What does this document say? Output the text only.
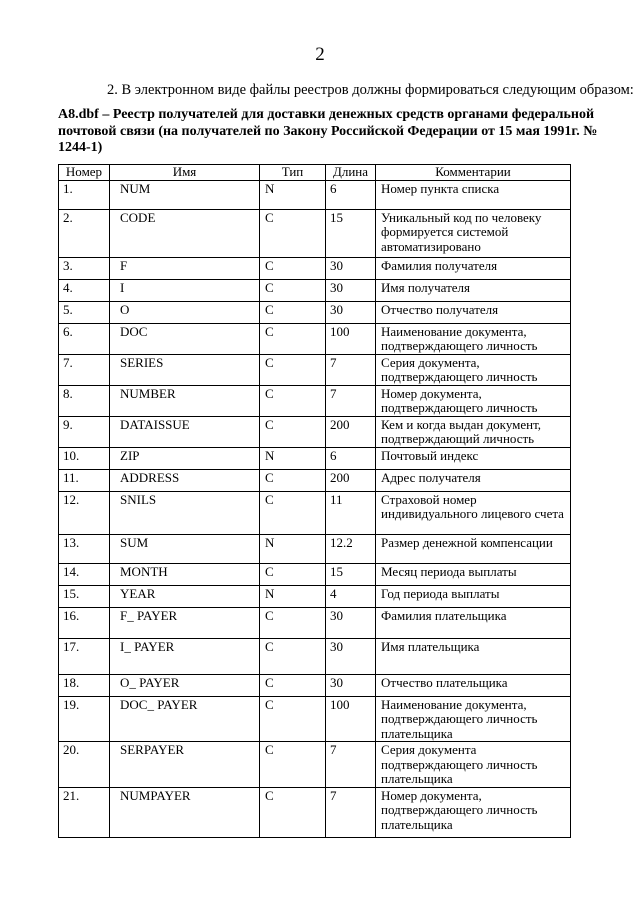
2
2. В электронном виде файлы реестров должны формироваться следующим образом:
А8.dbf – Реестр получателей для доставки денежных средств органами федеральной почтовой связи (на получателей по Закону Российской Федерации от 15 мая 1991г. № 1244-1)
Номер	Имя	Тип	Длина	Комментарии
1.	NUM	N	6	Номер пункта списка
2.	CODE	C	15	Уникальный код по человеку формируется системой автоматизировано
3.	F	C	30	Фамилия получателя
4.	I	C	30	Имя получателя
5.	O	C	30	Отчество получателя
6.	DOC	C	100	Наименование документа, подтверждающего личность
7.	SERIES	C	7	Серия документа, подтверждающего личность
8.	NUMBER	C	7	Номер документа, подтверждающего личность
9.	DATAISSUE	C	200	Кем и когда выдан документ, подтверждающий личность
10.	ZIP	N	6	Почтовый индекс
11.	ADDRESS	C	200	Адрес получателя
12.	SNILS	C	11	Страховой номер индивидуального лицевого счета
13.	SUM	N	12.2	Размер денежной компенсации
14.	MONTH	C	15	Месяц периода выплаты
15.	YEAR	N	4	Год периода выплаты
16.	F_ PAYER	C	30	Фамилия плательщика
17.	I_ PAYER	C	30	Имя плательщика
18.	O_ PAYER	C	30	Отчество плательщика
19.	DOC_ PAYER	C	100	Наименование документа, подтверждающего личность плательщика
20.	SERPAYER	C	7	Серия документа подтверждающего личность плательщика
21.	NUMPAYER	C	7	Номер документа, подтверждающего личность плательщика
